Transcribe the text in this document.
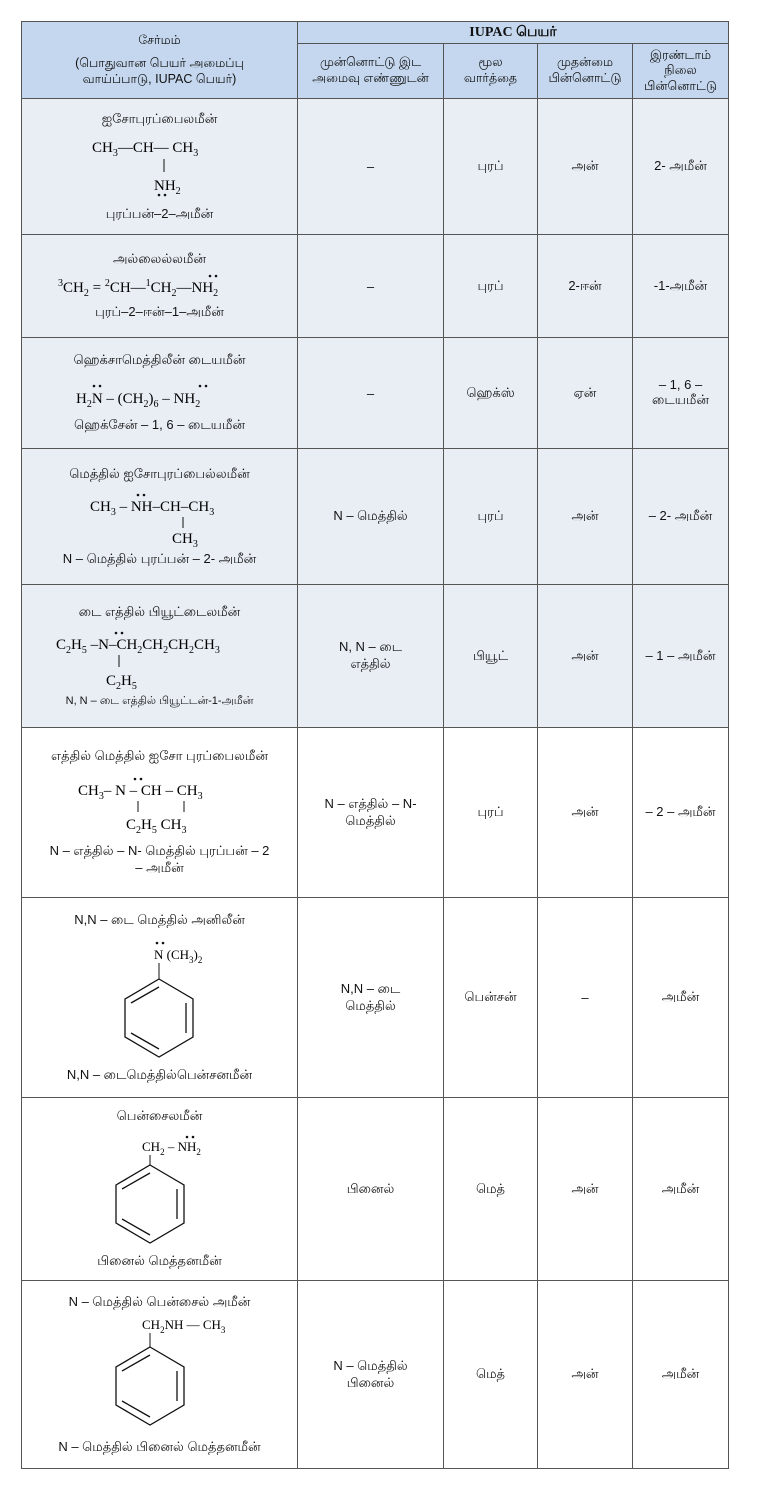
சேர்மம்
(பொதுவான பெயர் அமைப்பு வாய்ப்பாடு, IUPAC பெயர்)	IUPAC பெயர்			
	முன்னொட்டு இட அமைவு எண்ணுடன்	மூல வார்த்தை	முதன்மை பின்னொட்டு	இரண்டாம் நிலை பின்னொட்டு

ஐசோபுரப்பைலமீன்
$CH_3—CH—$ $CH_3$
$NH_2$
புரப்பன்–2–அமீன்	–	புரப்	அன்	2- அமீன்

அல்லைல்லமீன்
$^3CH_2$ = $^2CH—^1CH_2—NH_2$
புரப்–2–ஈன்–1–அமீன்	–	புரப்	2-ஈன்	-1-அமீன்

ஹெக்சாமெத்திலீன் டையமீன்
$H_2N - (CH_2)_6 - NH_2$
ஹெக்சேன் – 1, 6 – டையமீன்	–	ஹெக்ஸ்	ஏன்	– 1, 6 – டையமீன்

மெத்தில் ஐசோபுரப்பைல்லமீன்
$CH_3 - NH-CH-CH_3$
$CH_3$
N – மெத்தில் புரப்பன் – 2- அமீன்	N – மெத்தில்	புரப்	அன்	– 2- அமீன்

டை எத்தில் பியூட்டைலமீன்
$C_2H_5$ $-N-CH_2CH_2CH_2CH_3$
$C_2H_5$
N, N – டை எத்தில் பியூட்டன்-1-அமீன்	N, N – டை எத்தில்	பியூட்	அன்	– 1 – அமீன்

எத்தில் மெத்தில் ஐசோ புரப்பைலமீன்
$CH_3-$ N – CH – $CH_3$
$C_2H_5$ $CH_3$
N – எத்தில் – N- மெத்தில் புரப்பன் – 2 – அமீன்	N – எத்தில் – N- மெத்தில்	புரப்	அன்	– 2 – அமீன்

N,N – டை மெத்தில் அனிலீன்
N $(CH_3)_2$
N,N – டைமெத்தில்பென்சனமீன்	N,N – டை மெத்தில்	பென்சன்	–	அமீன்

பென்சைலமீன்
$CH_2 - NH_2$
பினைல் மெத்தனமீன்	பினைல்	மெத்	அன்	அமீன்

N – மெத்தில் பென்சைல் அமீன்
$CH_2NH$ — $CH_3$
N – மெத்தில் பினைல் மெத்தனமீன்	N – மெத்தில் பினைல்	மெத்	அன்	அமீன்
